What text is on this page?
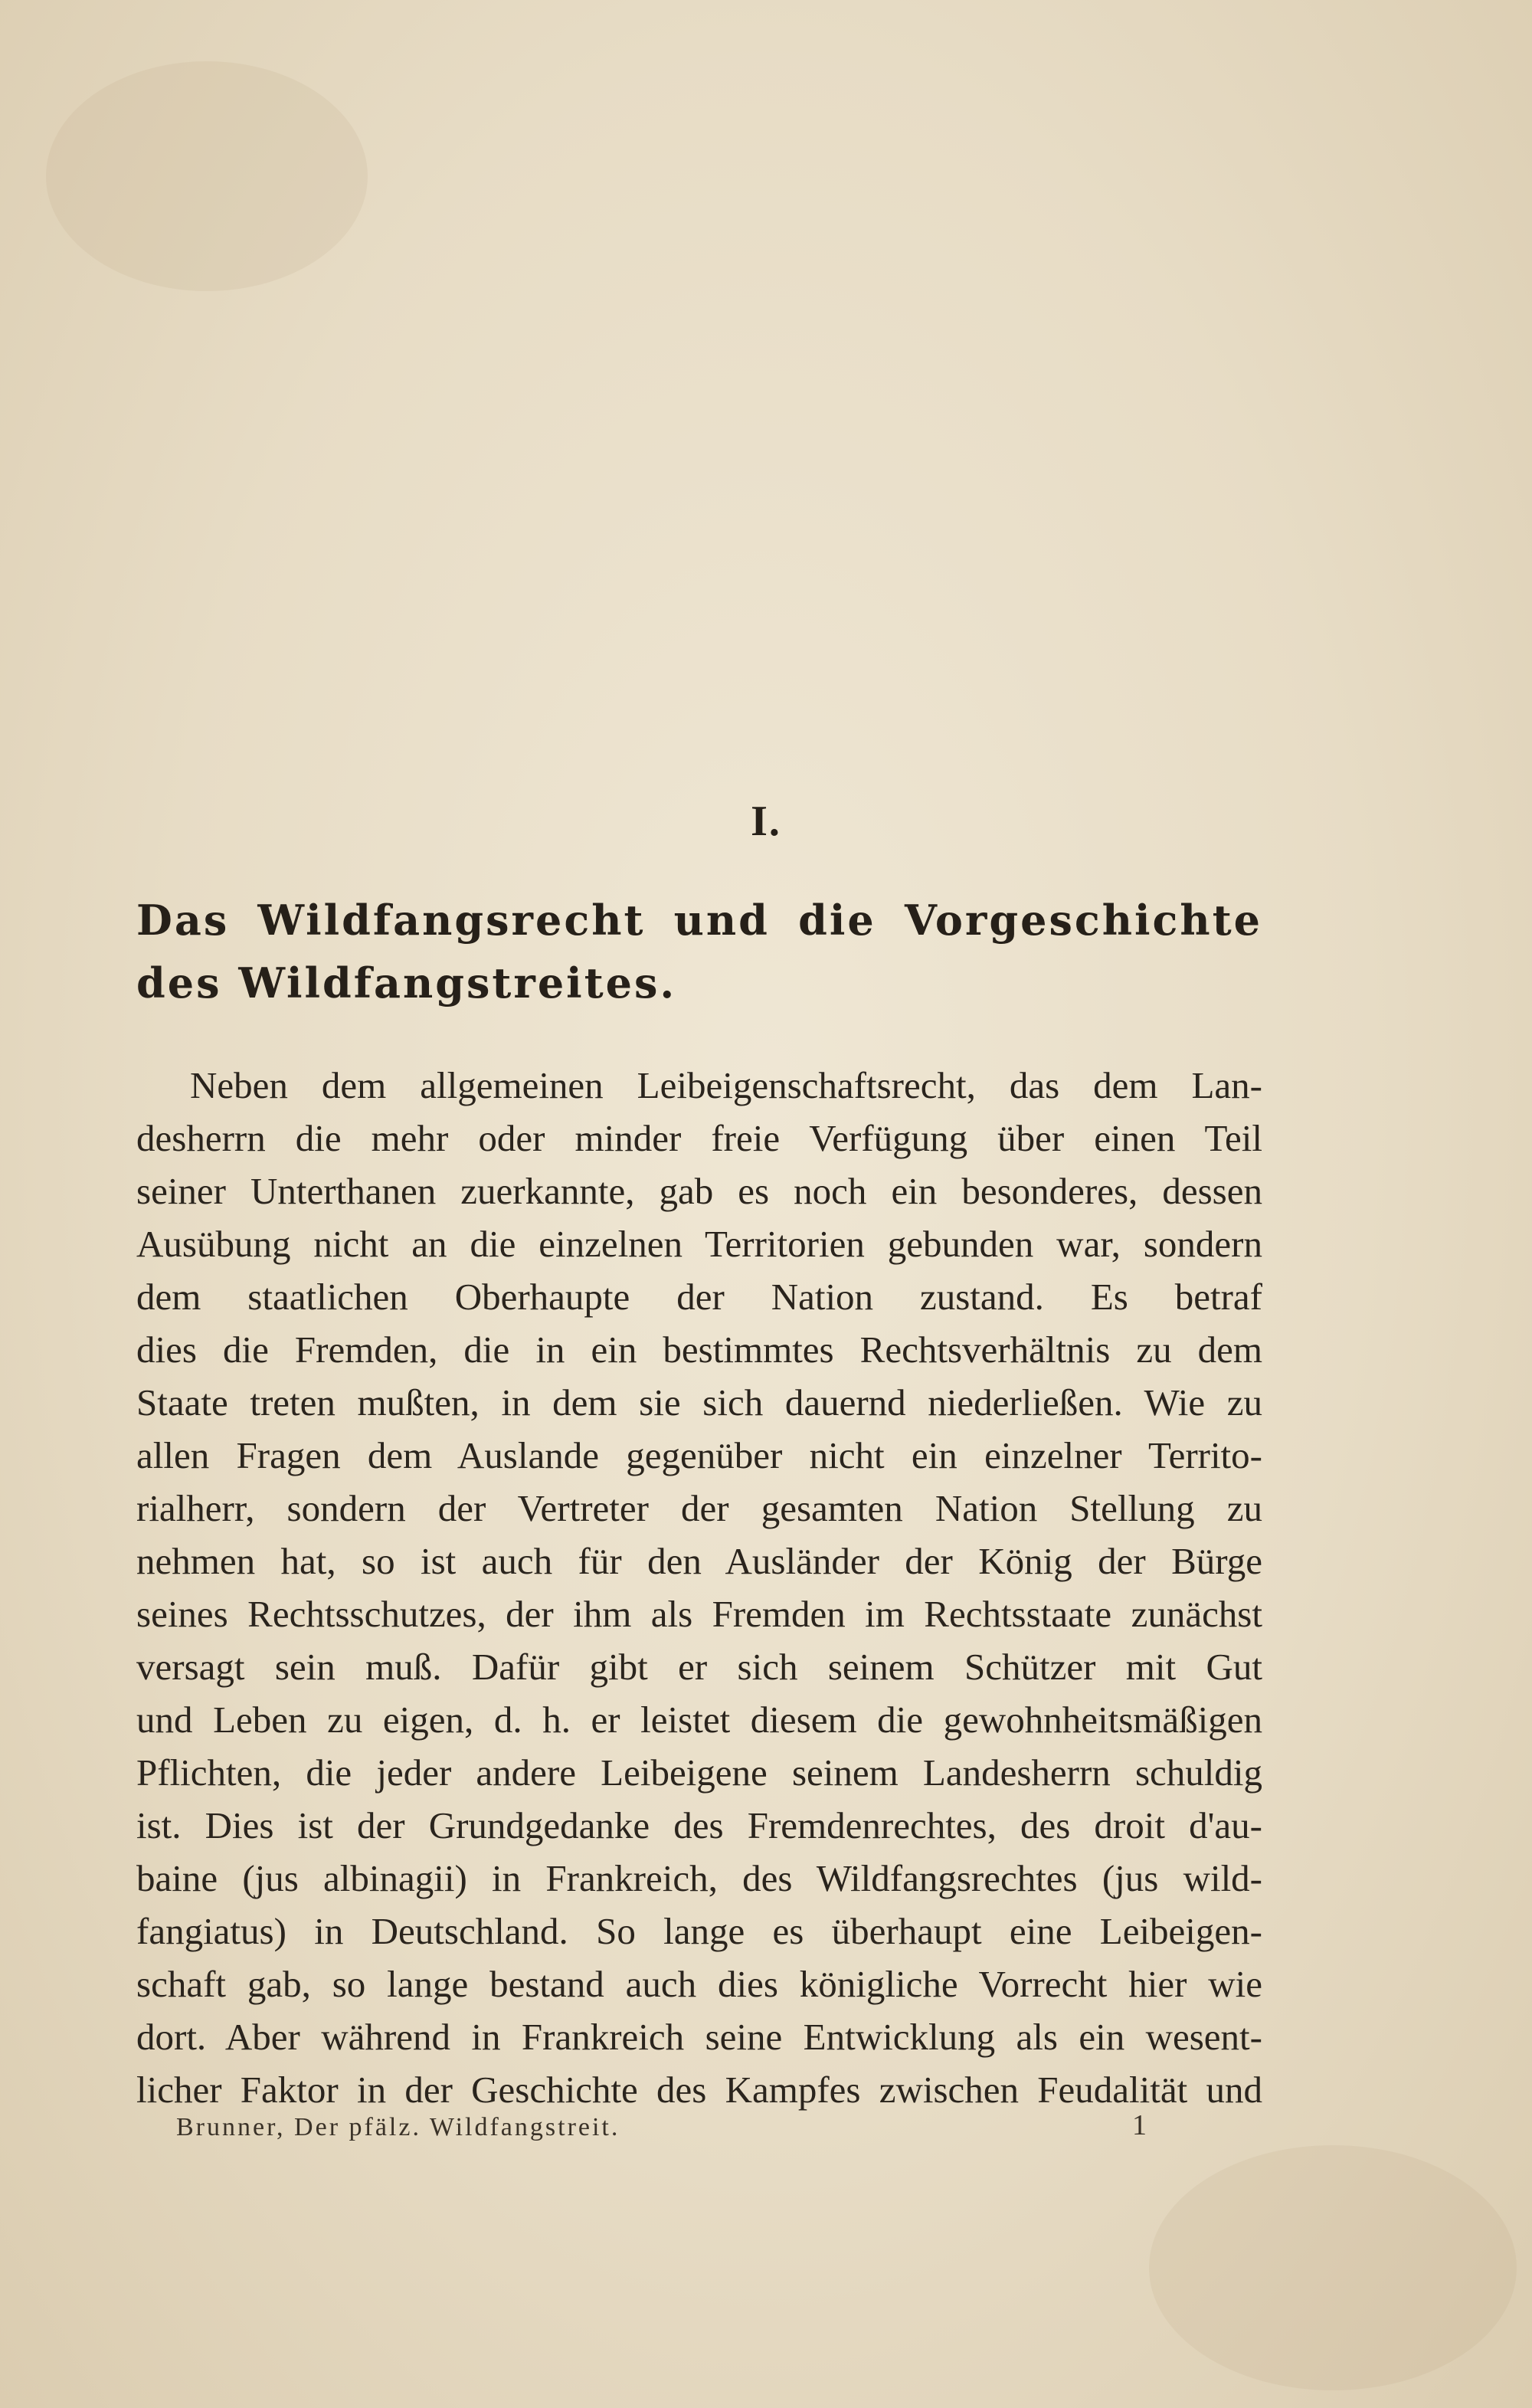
I.
Das Wildfangsrecht und die Vorgeschichte des Wildfangstreites.
Neben dem allgemeinen Leibeigenschaftsrecht, das dem Lan-
desherrn die mehr oder minder freie Verfügung über einen Teil
seiner Unterthanen zuerkannte, gab es noch ein besonderes, dessen
Ausübung nicht an die einzelnen Territorien gebunden war, sondern
dem staatlichen Oberhaupte der Nation zustand. Es betraf
dies die Fremden, die in ein bestimmtes Rechtsverhältnis zu dem
Staate treten mußten, in dem sie sich dauernd niederließen. Wie zu
allen Fragen dem Auslande gegenüber nicht ein einzelner Territo-
rialherr, sondern der Vertreter der gesamten Nation Stellung zu
nehmen hat, so ist auch für den Ausländer der König der Bürge
seines Rechtsschutzes, der ihm als Fremden im Rechtsstaate zunächst
versagt sein muß. Dafür gibt er sich seinem Schützer mit Gut
und Leben zu eigen, d. h. er leistet diesem die gewohnheitsmäßigen
Pflichten, die jeder andere Leibeigene seinem Landesherrn schuldig
ist. Dies ist der Grundgedanke des Fremdenrechtes, des droit d'au-
baine (jus albinagii) in Frankreich, des Wildfangsrechtes (jus wild-
fangiatus) in Deutschland. So lange es überhaupt eine Leibeigen-
schaft gab, so lange bestand auch dies königliche Vorrecht hier wie
dort. Aber während in Frankreich seine Entwicklung als ein wesent-
licher Faktor in der Geschichte des Kampfes zwischen Feudalität und
Brunner, Der pfälz. Wildfangstreit.	1
